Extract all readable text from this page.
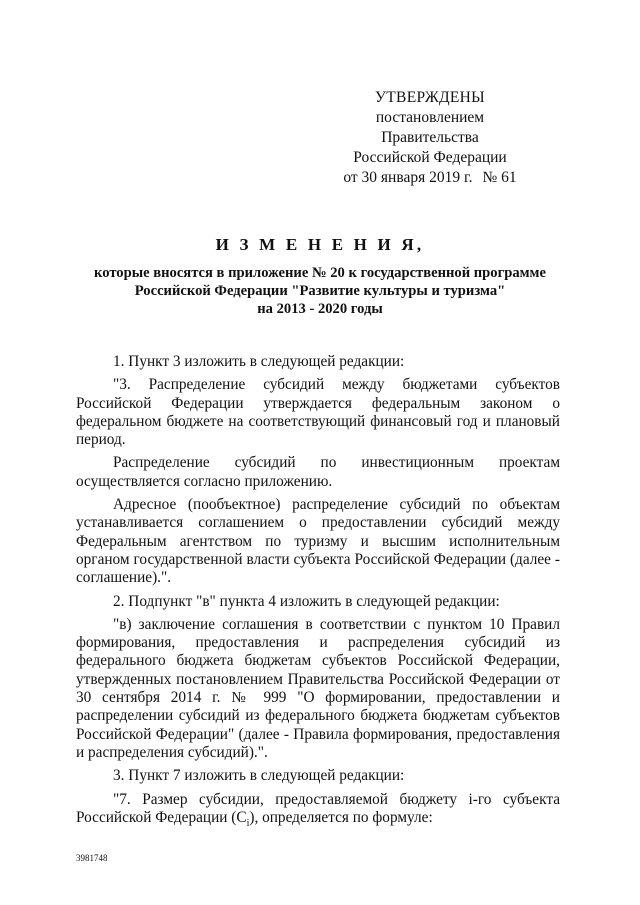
УТВЕРЖДЕНЫ
постановлением Правительства
Российской Федерации
от 30 января 2019 г. № 61
И З М Е Н Е Н И Я,
которые вносятся в приложение № 20 к государственной программе
Российской Федерации "Развитие культуры и туризма"
на 2013 - 2020 годы

1. Пункт 3 изложить в следующей редакции:

"3. Распределение субсидий между бюджетами субъектов Российской Федерации утверждается федеральным законом о федеральном бюджете на соответствующий финансовый год и плановый период.

Распределение субсидий по инвестиционным проектам осуществляется согласно приложению.

Адресное (пообъектное) распределение субсидий по объектам устанавливается соглашением о предоставлении субсидий между Федеральным агентством по туризму и высшим исполнительным органом государственной власти субъекта Российской Федерации (далее - соглашение).".

2. Подпункт "в" пункта 4 изложить в следующей редакции:

"в) заключение соглашения в соответствии с пунктом 10 Правил формирования, предоставления и распределения субсидий из федерального бюджета бюджетам субъектов Российской Федерации, утвержденных постановлением Правительства Российской Федерации от 30 сентября 2014 г. № 999 "О формировании, предоставлении и распределении субсидий из федерального бюджета бюджетам субъектов Российской Федерации" (далее - Правила формирования, предоставления и распределения субсидий).".

3. Пункт 7 изложить в следующей редакции:

"7. Размер субсидии, предоставляемой бюджету i-го субъекта Российской Федерации $(С_i)$, определяется по формуле:

3981748
